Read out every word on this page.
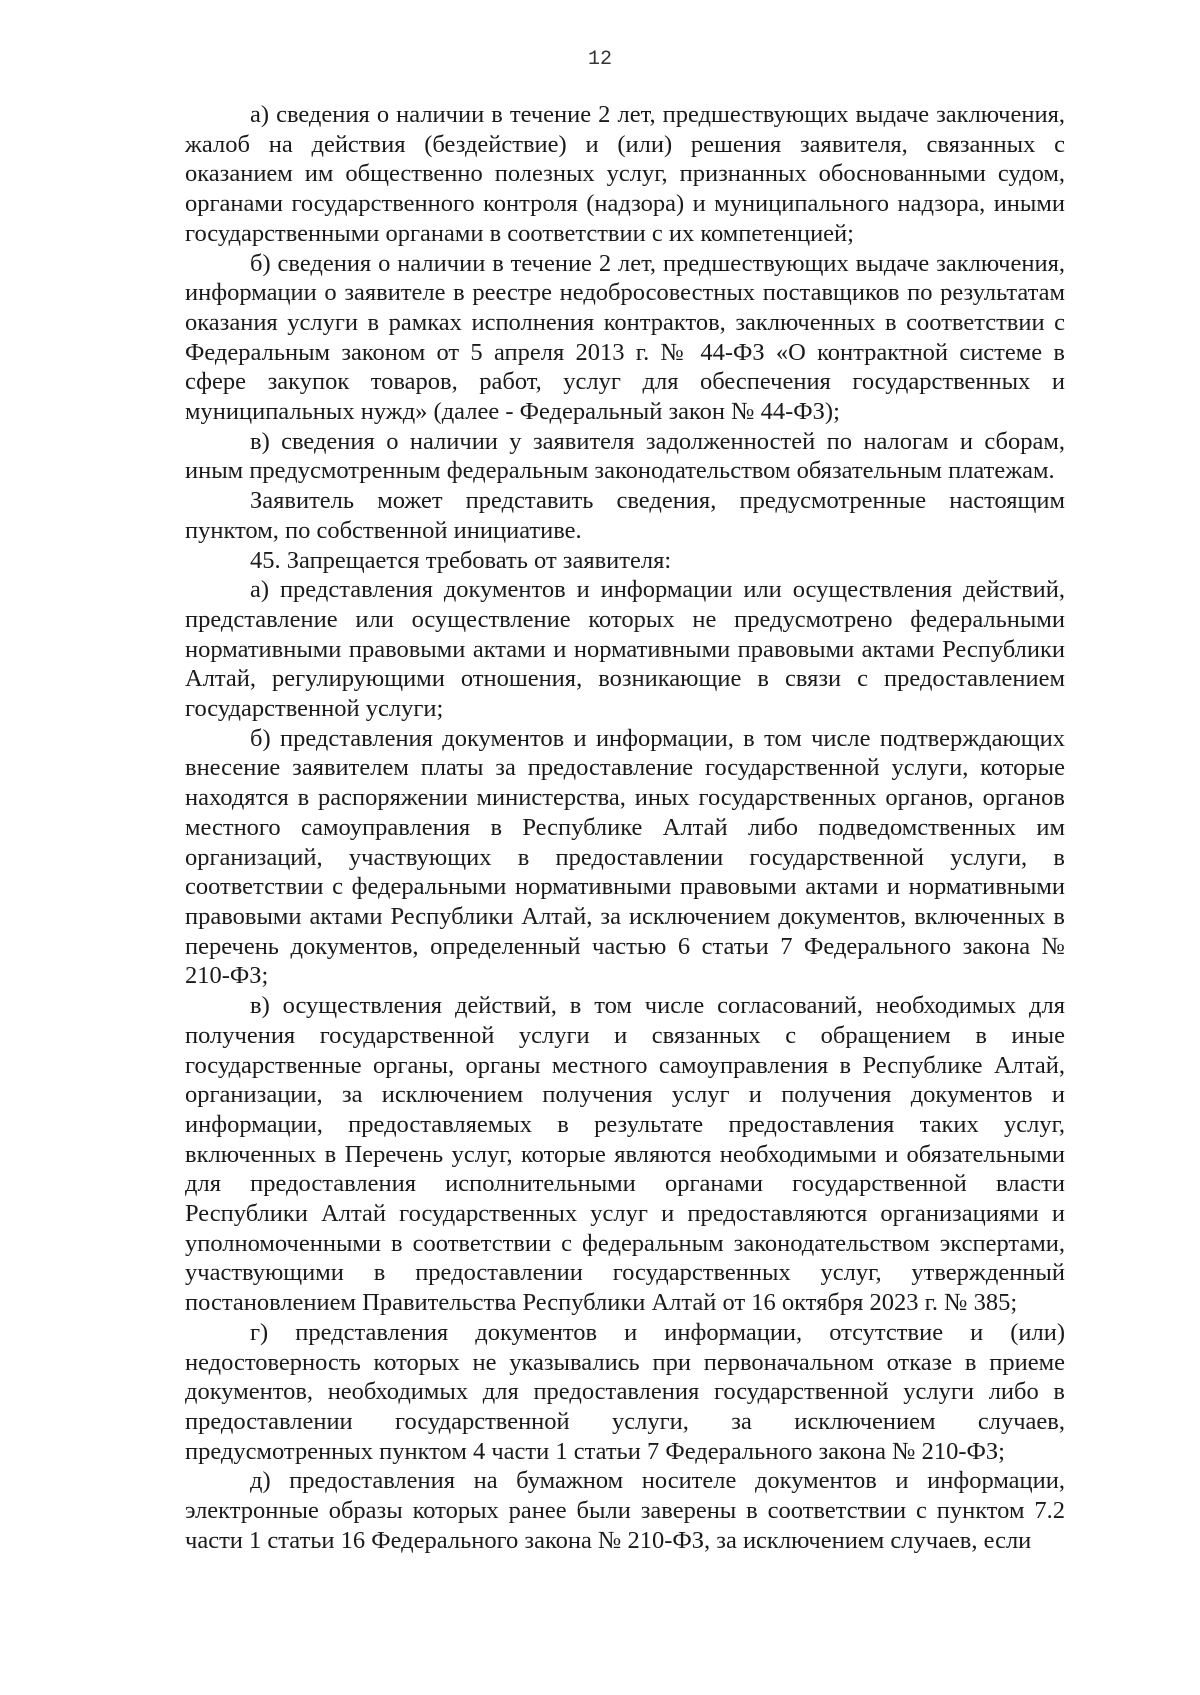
12

а) сведения о наличии в течение 2 лет, предшествующих выдаче заключения, жалоб на действия (бездействие) и (или) решения заявителя, связанных с оказанием им общественно полезных услуг, признанных обоснованными судом, органами государственного контроля (надзора) и муниципального надзора, иными государственными органами в соответствии с их компетенцией;

б) сведения о наличии в течение 2 лет, предшествующих выдаче заключения, информации о заявителе в реестре недобросовестных поставщиков по результатам оказания услуги в рамках исполнения контрактов, заключенных в соответствии с Федеральным законом от 5 апреля 2013 г. № 44-ФЗ «О контрактной системе в сфере закупок товаров, работ, услуг для обеспечения государственных и муниципальных нужд» (далее - Федеральный закон № 44-ФЗ);

в) сведения о наличии у заявителя задолженностей по налогам и сборам, иным предусмотренным федеральным законодательством обязательным платежам.

Заявитель может представить сведения, предусмотренные настоящим пунктом, по собственной инициативе.

45. Запрещается требовать от заявителя:

а) представления документов и информации или осуществления действий, представление или осуществление которых не предусмотрено федеральными нормативными правовыми актами и нормативными правовыми актами Республики Алтай, регулирующими отношения, возникающие в связи с предоставлением государственной услуги;

б) представления документов и информации, в том числе подтверждающих внесение заявителем платы за предоставление государственной услуги, которые находятся в распоряжении министерства, иных государственных органов, органов местного самоуправления в Республике Алтай либо подведомственных им организаций, участвующих в предоставлении государственной услуги, в соответствии с федеральными нормативными правовыми актами и нормативными правовыми актами Республики Алтай, за исключением документов, включенных в перечень документов, определенный частью 6 статьи 7 Федерального закона № 210-ФЗ;

в) осуществления действий, в том числе согласований, необходимых для получения государственной услуги и связанных с обращением в иные государственные органы, органы местного самоуправления в Республике Алтай, организации, за исключением получения услуг и получения документов и информации, предоставляемых в результате предоставления таких услуг, включенных в Перечень услуг, которые являются необходимыми и обязательными для предоставления исполнительными органами государственной власти Республики Алтай государственных услуг и предоставляются организациями и уполномоченными в соответствии с федеральным законодательством экспертами, участвующими в предоставлении государственных услуг, утвержденный постановлением Правительства Республики Алтай от 16 октября 2023 г. № 385;

г) представления документов и информации, отсутствие и (или) недостоверность которых не указывались при первоначальном отказе в приеме документов, необходимых для предоставления государственной услуги либо в предоставлении государственной услуги, за исключением случаев, предусмотренных пунктом 4 части 1 статьи 7 Федерального закона № 210-ФЗ;

д) предоставления на бумажном носителе документов и информации, электронные образы которых ранее были заверены в соответствии с пунктом 7.2 части 1 статьи 16 Федерального закона № 210-ФЗ, за исключением случаев, если
